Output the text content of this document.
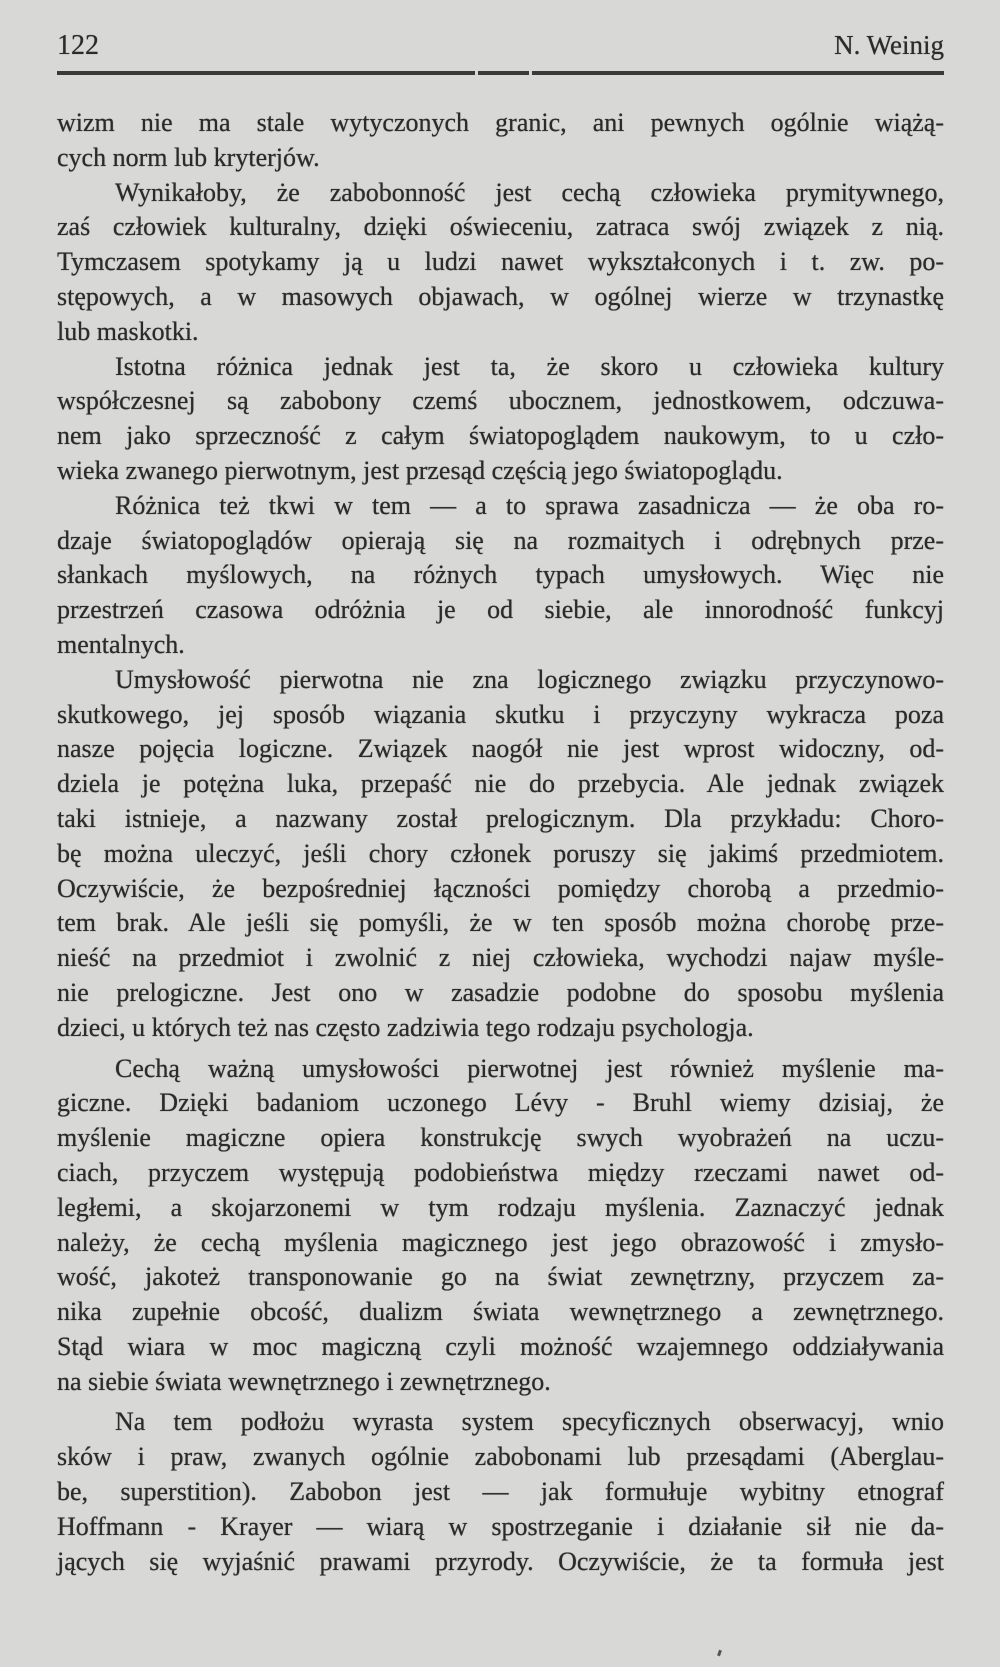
122	N. Weinig
wizm nie ma stale wytyczonych granic, ani pewnych ogólnie wiążą-
cych norm lub kryterjów.
Wynikałoby, że zabobonność jest cechą człowieka prymitywnego,
zaś człowiek kulturalny, dzięki oświeceniu, zatraca swój związek z nią.
Tymczasem spotykamy ją u ludzi nawet wykształconych i t. zw. po-
stępowych, a w masowych objawach, w ogólnej wierze w trzynastkę
lub maskotki.
Istotna różnica jednak jest ta, że skoro u człowieka kultury
współczesnej są zabobony czemś ubocznem, jednostkowem, odczuwa-
nem jako sprzeczność z całym światopoglądem naukowym, to u czło-
wieka zwanego pierwotnym, jest przesąd częścią jego światopoglądu.
Różnica też tkwi w tem — a to sprawa zasadnicza — że oba ro-
dzaje światopoglądów opierają się na rozmaitych i odrębnych prze-
słankach myślowych, na różnych typach umysłowych. Więc nie
przestrzeń czasowa odróżnia je od siebie, ale innorodność funkcyj
mentalnych.
Umysłowość pierwotna nie zna logicznego związku przyczynowo-
skutkowego, jej sposób wiązania skutku i przyczyny wykracza poza
nasze pojęcia logiczne. Związek naogół nie jest wprost widoczny, od-
dziela je potężna luka, przepaść nie do przebycia. Ale jednak związek
taki istnieje, a nazwany został prelogicznym. Dla przykładu: Choro-
bę można uleczyć, jeśli chory członek poruszy się jakimś przedmiotem.
Oczywiście, że bezpośredniej łączności pomiędzy chorobą a przedmio-
tem brak. Ale jeśli się pomyśli, że w ten sposób można chorobę prze-
nieść na przedmiot i zwolnić z niej człowieka, wychodzi najaw myśle-
nie prelogiczne. Jest ono w zasadzie podobne do sposobu myślenia
dzieci, u których też nas często zadziwia tego rodzaju psychologja.
Cechą ważną umysłowości pierwotnej jest również myślenie ma-
giczne. Dzięki badaniom uczonego Lévy - Bruhl wiemy dzisiaj, że
myślenie magiczne opiera konstrukcję swych wyobrażeń na uczu-
ciach, przyczem występują podobieństwa między rzeczami nawet od-
ległemi, a skojarzonemi w tym rodzaju myślenia. Zaznaczyć jednak
należy, że cechą myślenia magicznego jest jego obrazowość i zmysło-
wość, jakoteż transponowanie go na świat zewnętrzny, przyczem za-
nika zupełnie obcość, dualizm świata wewnętrznego a zewnętrznego.
Stąd wiara w moc magiczną czyli możność wzajemnego oddziaływania
na siebie świata wewnętrznego i zewnętrznego.
Na tem podłożu wyrasta system specyficznych obserwacyj, wnio
sków i praw, zwanych ogólnie zabobonami lub przesądami (Aberglau-
be, superstition). Zabobon jest — jak formułuje wybitny etnograf
Hoffmann - Krayer — wiarą w spostrzeganie i działanie sił nie da-
jących się wyjaśnić prawami przyrody. Oczywiście, że ta formuła jest
